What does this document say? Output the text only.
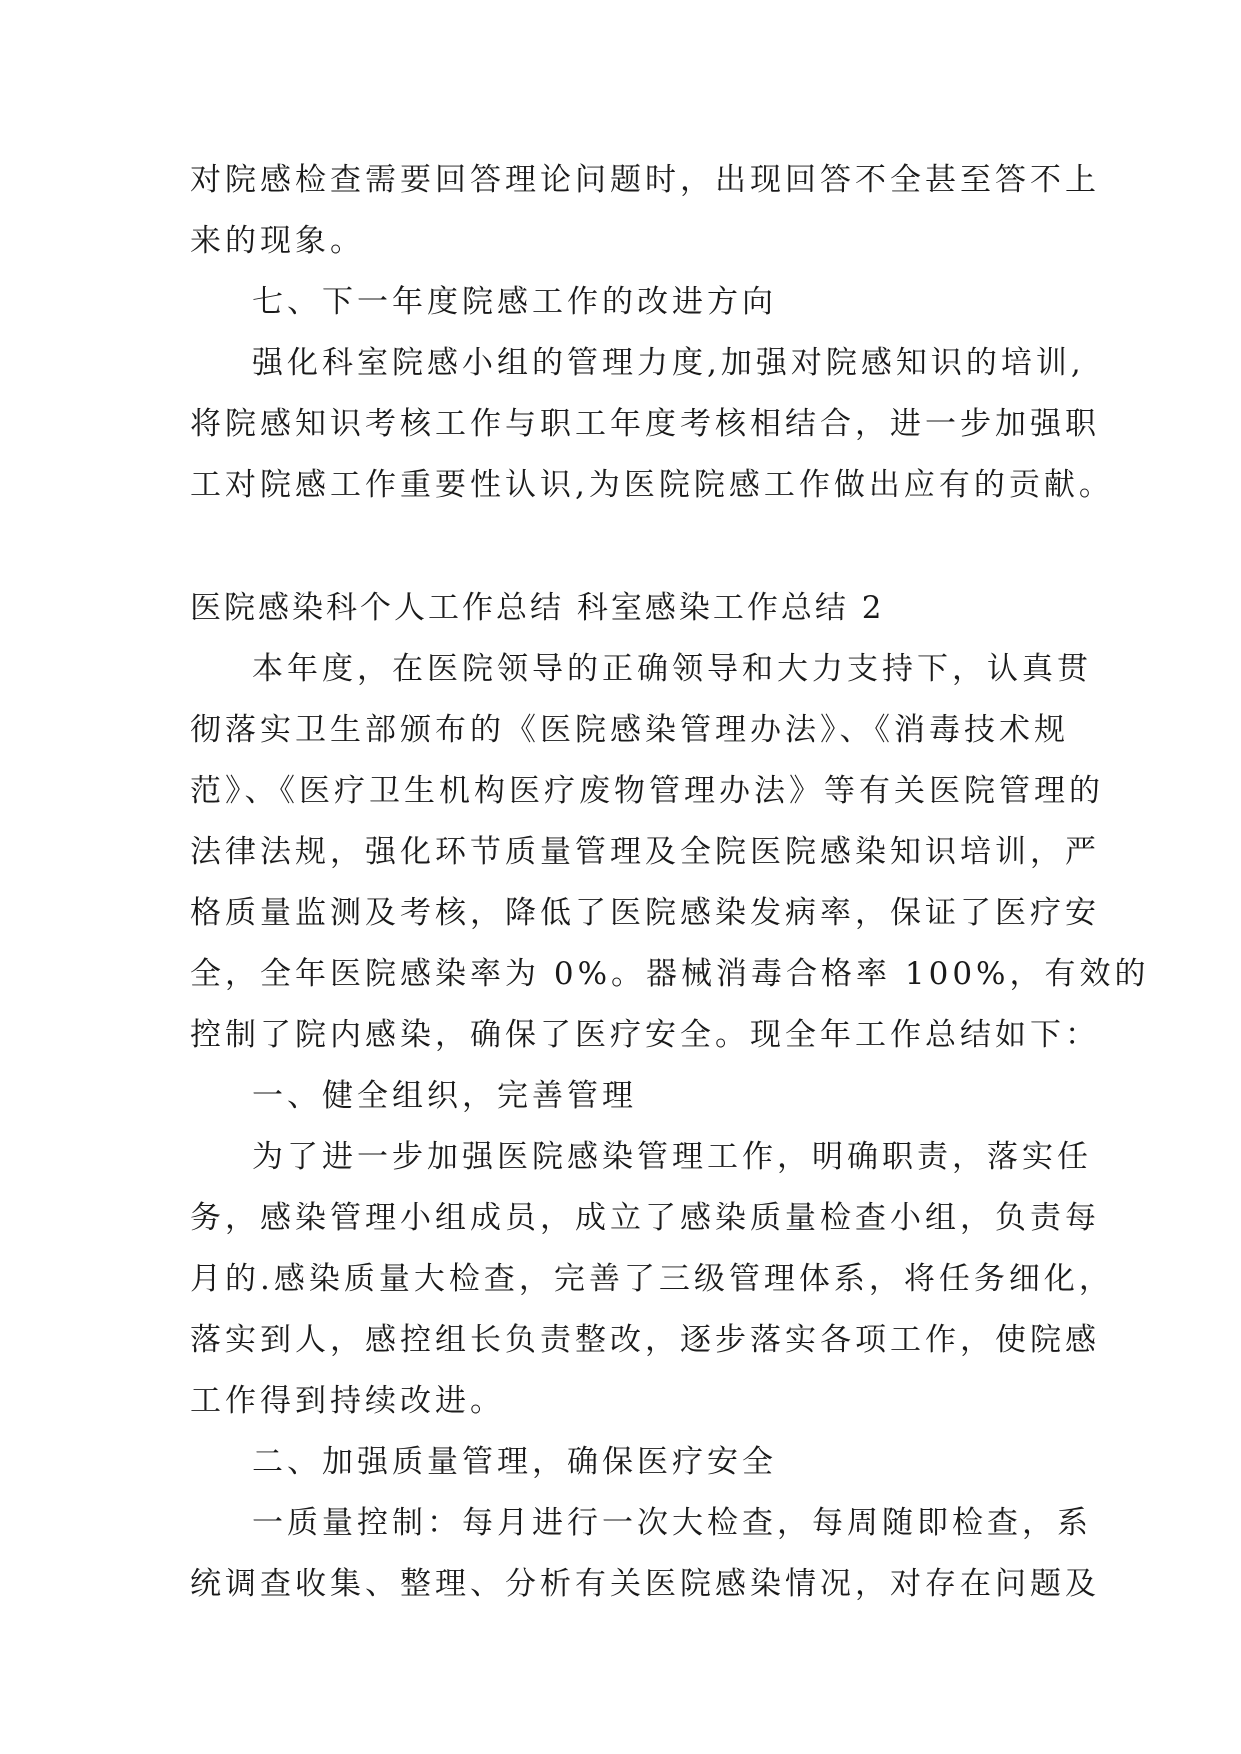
对院感检查需要回答理论问题时，出现回答不全甚至答不上
来的现象。
七、下一年度院感工作的改进方向
强化科室院感小组的管理力度,加强对院感知识的培训,
将院感知识考核工作与职工年度考核相结合，进一步加强职
工对院感工作重要性认识,为医院院感工作做出应有的贡献。
医院感染科个人工作总结 科室感染工作总结 2
本年度，在医院领导的正确领导和大力支持下，认真贯
彻落实卫生部颁布的《医院感染管理办法》、《消毒技术规
范》、《医疗卫生机构医疗废物管理办法》等有关医院管理的
法律法规，强化环节质量管理及全院医院感染知识培训，严
格质量监测及考核，降低了医院感染发病率，保证了医疗安
全，全年医院感染率为 0%。器械消毒合格率 100%，有效的
控制了院内感染，确保了医疗安全。现全年工作总结如下：
一、健全组织，完善管理
为了进一步加强医院感染管理工作，明确职责，落实任
务，感染管理小组成员，成立了感染质量检查小组，负责每
月的.感染质量大检查，完善了三级管理体系，将任务细化，
落实到人，感控组长负责整改，逐步落实各项工作，使院感
工作得到持续改进。
二、加强质量管理，确保医疗安全
一质量控制：每月进行一次大检查，每周随即检查，系
统调查收集、整理、分析有关医院感染情况，对存在问题及
